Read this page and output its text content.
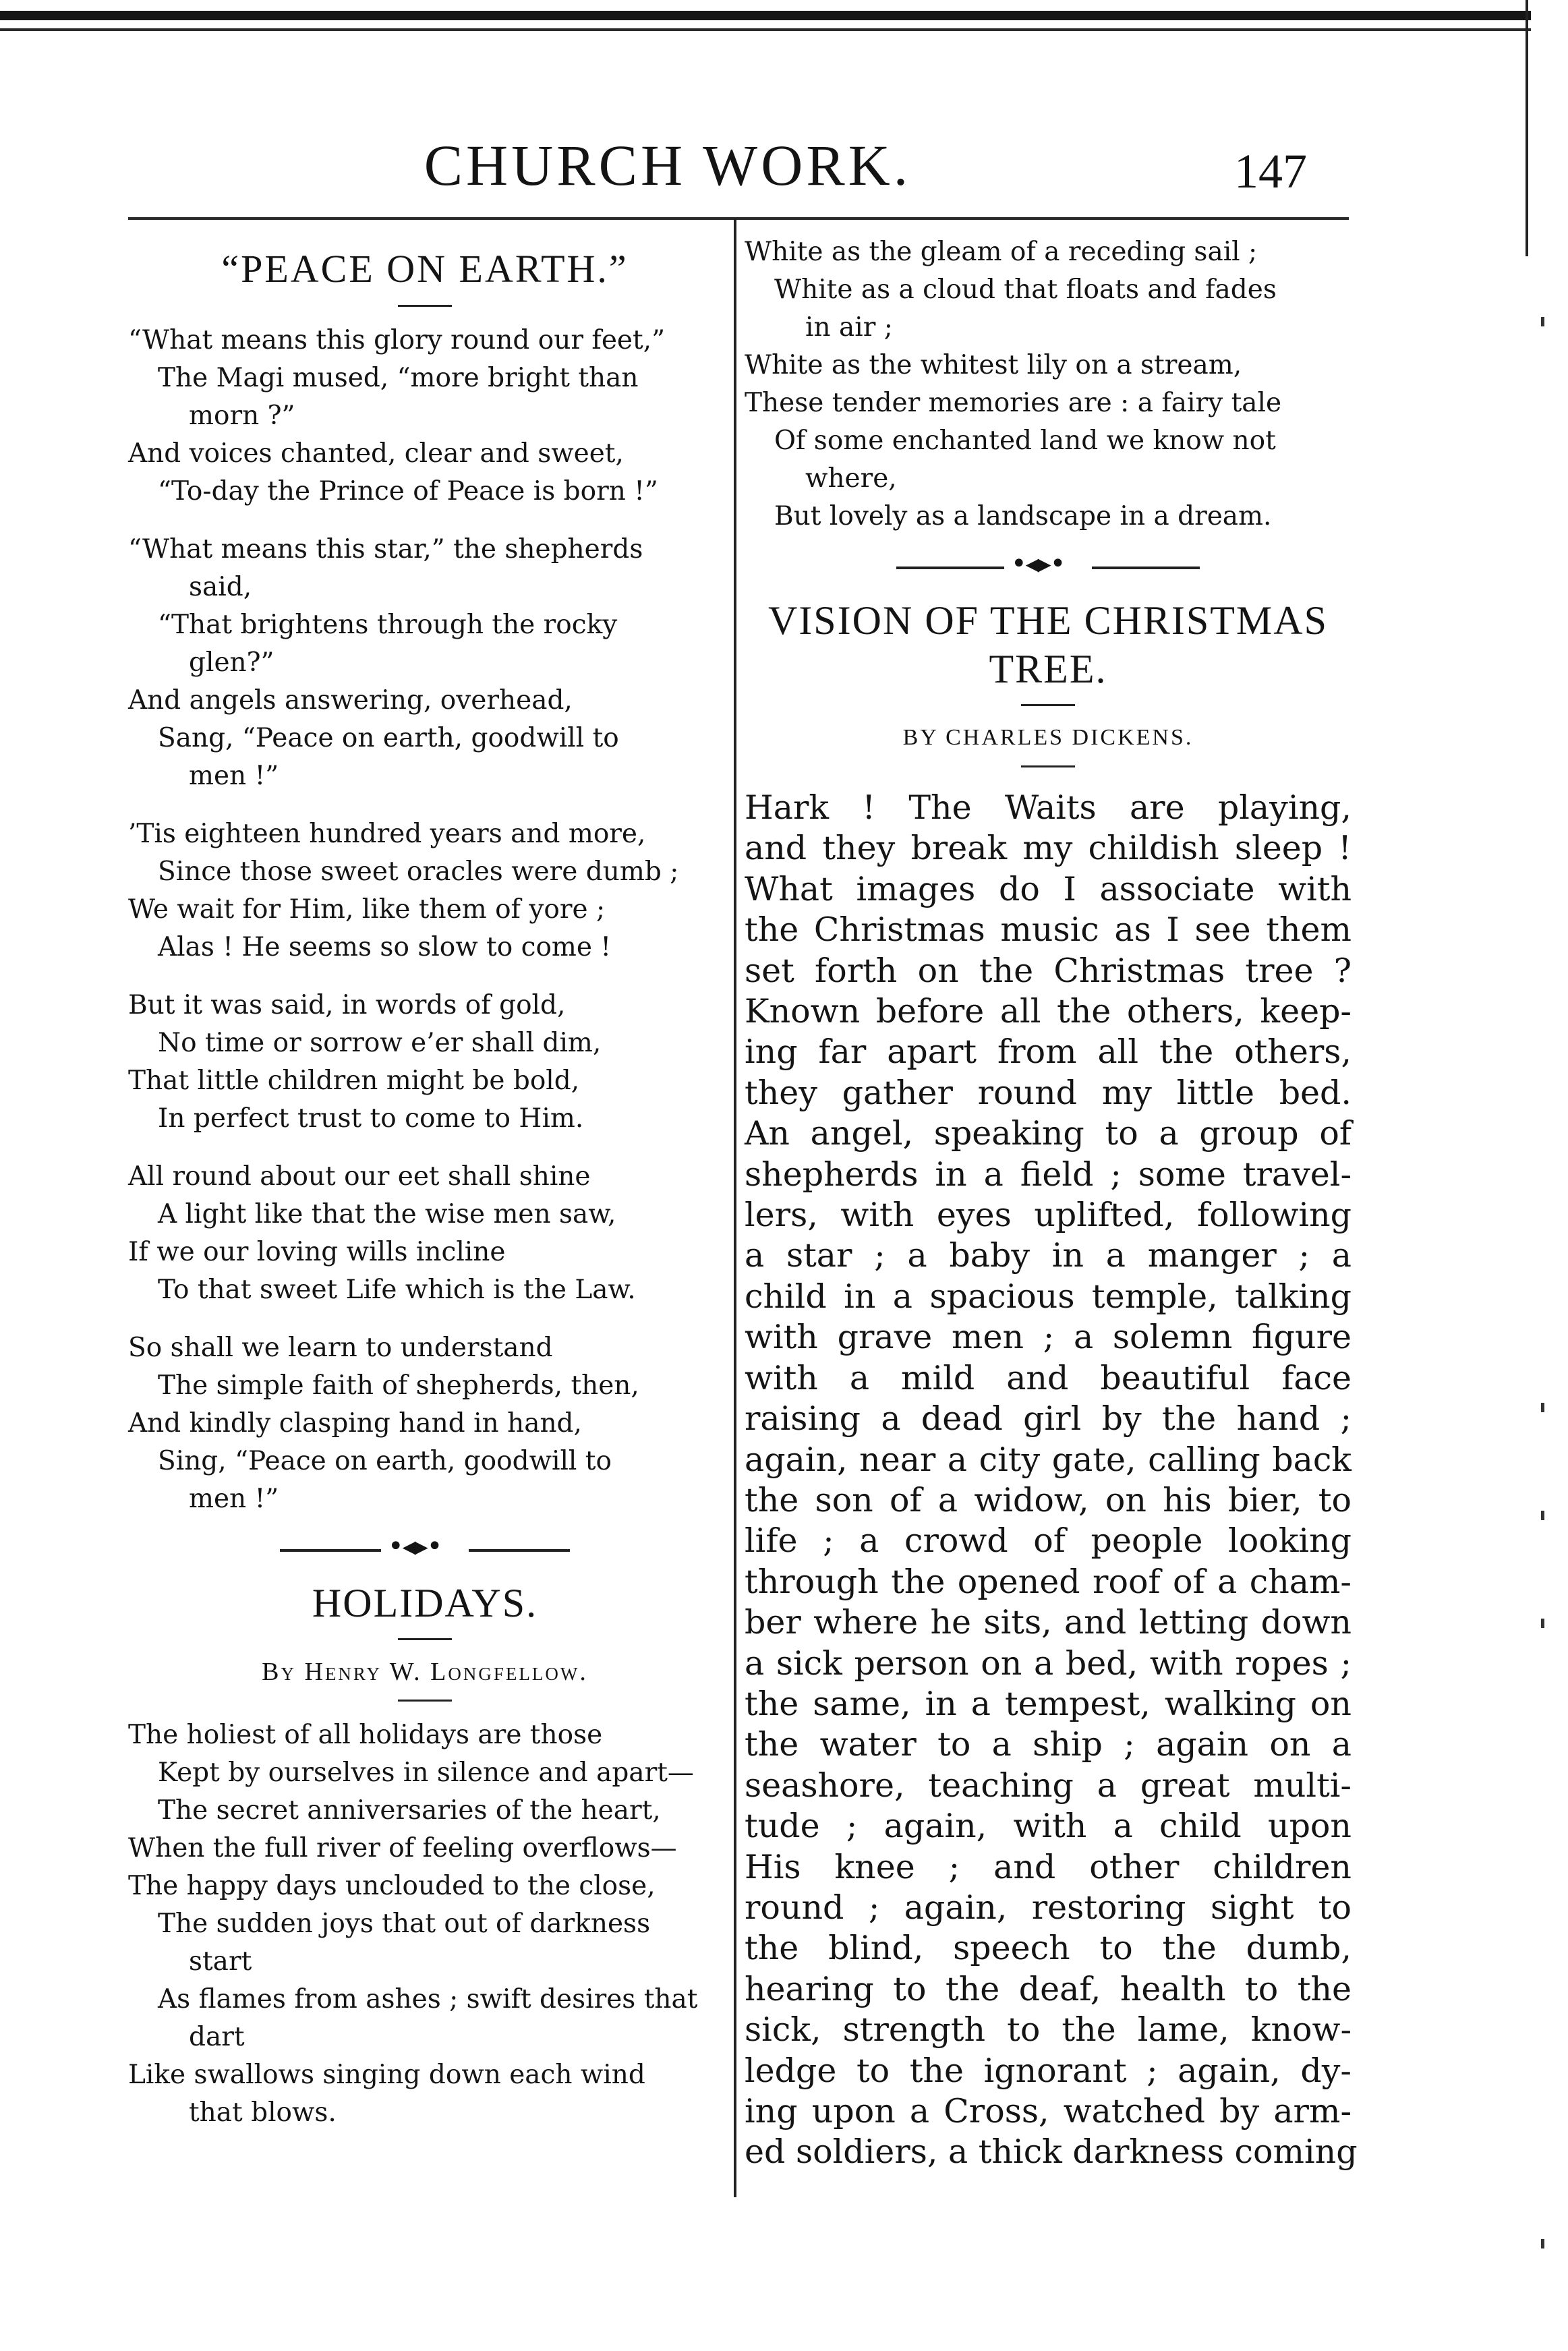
CHURCH WORK.	147
“PEACE ON EARTH.”
“What means this glory round our feet,”
The Magi mused, “more bright than
morn ?”
And voices chanted, clear and sweet,
“To-day the Prince of Peace is born !”
“What means this star,” the shepherds
said,
“That brightens through the rocky
glen?”
And angels answering, overhead,
Sang, “Peace on earth, goodwill to
men !”
’Tis eighteen hundred years and more,
Since those sweet oracles were dumb ;
We wait for Him, like them of yore ;
Alas ! He seems so slow to come !
But it was said, in words of gold,
No time or sorrow e’er shall dim,
That little children might be bold,
In perfect trust to come to Him.
All round about our eet shall shine
A light like that the wise men saw,
If we our loving wills incline
To that sweet Life which is the Law.
So shall we learn to understand
The simple faith of shepherds, then,
And kindly clasping hand in hand,
Sing, “Peace on earth, goodwill to
men !”
•◂▸•
HOLIDAYS.
By Henry W. Longfellow.
The holiest of all holidays are those
Kept by ourselves in silence and apart—
The secret anniversaries of the heart,
When the full river of feeling overflows—
The happy days unclouded to the close,
The sudden joys that out of darkness
start
As flames from ashes ; swift desires that
dart
Like swallows singing down each wind
that blows.
White as the gleam of a receding sail ;
White as a cloud that floats and fades
in air ;
White as the whitest lily on a stream,
These tender memories are : a fairy tale
Of some enchanted land we know not
where,
But lovely as a landscape in a dream.
•◂▸•
VISION OF THE CHRISTMAS
TREE.
BY CHARLES DICKENS.
Hark ! The Waits are playing,
and they break my childish sleep !
What images do I associate with
the Christmas music as I see them
set forth on the Christmas tree ?
Known before all the others, keep-
ing far apart from all the others,
they gather round my little bed.
An angel, speaking to a group of
shepherds in a field ; some travel-
lers, with eyes uplifted, following
a star ; a baby in a manger ; a
child in a spacious temple, talking
with grave men ; a solemn figure
with a mild and beautiful face
raising a dead girl by the hand ;
again, near a city gate, calling back
the son of a widow, on his bier, to
life ; a crowd of people looking
through the opened roof of a cham-
ber where he sits, and letting down
a sick person on a bed, with ropes ;
the same, in a tempest, walking on
the water to a ship ; again on a
seashore, teaching a great multi-
tude ; again, with a child upon
His knee ; and other children
round ; again, restoring sight to
the blind, speech to the dumb,
hearing to the deaf, health to the
sick, strength to the lame, know-
ledge to the ignorant ; again, dy-
ing upon a Cross, watched by arm-
ed soldiers, a thick darkness coming
